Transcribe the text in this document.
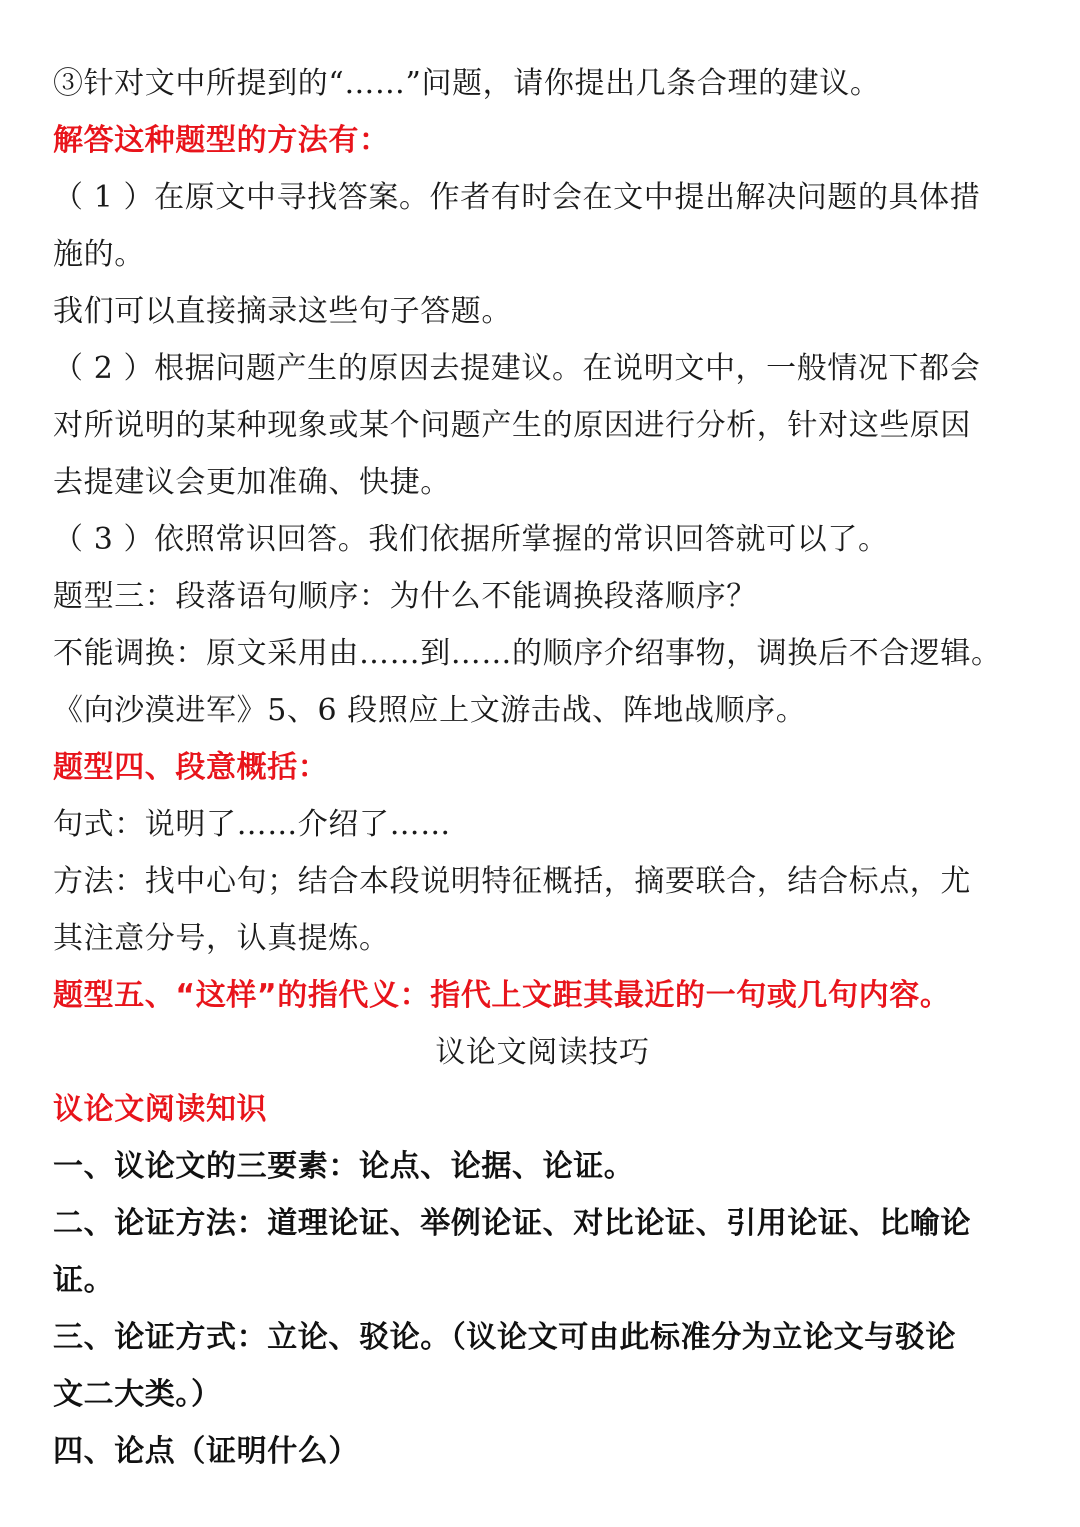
③针对文中所提到的“……”问题，请你提出几条合理的建议。
解答这种题型的方法有：
（ 1 ）在原文中寻找答案。作者有时会在文中提出解决问题的具体措
施的。
我们可以直接摘录这些句子答题。
（ 2 ）根据问题产生的原因去提建议。在说明文中，一般情况下都会
对所说明的某种现象或某个问题产生的原因进行分析，针对这些原因
去提建议会更加准确、快捷。
（ 3 ）依照常识回答。我们依据所掌握的常识回答就可以了。
题型三：段落语句顺序：为什么不能调换段落顺序？
不能调换：原文采用由……到……的顺序介绍事物，调换后不合逻辑。
《向沙漠进军》5、6 段照应上文游击战、阵地战顺序。
题型四、段意概括：
句式：说明了……介绍了……
方法：找中心句；结合本段说明特征概括，摘要联合，结合标点，尤
其注意分号，认真提炼。
题型五、“这样”的指代义：指代上文距其最近的一句或几句内容。
议论文阅读技巧
议论文阅读知识
一、议论文的三要素：论点、论据、论证。
二、论证方法：道理论证、举例论证、对比论证、引用论证、比喻论
证。
三、论证方式：立论、驳论。（议论文可由此标准分为立论文与驳论
文二大类。）
四、论点（证明什么）
